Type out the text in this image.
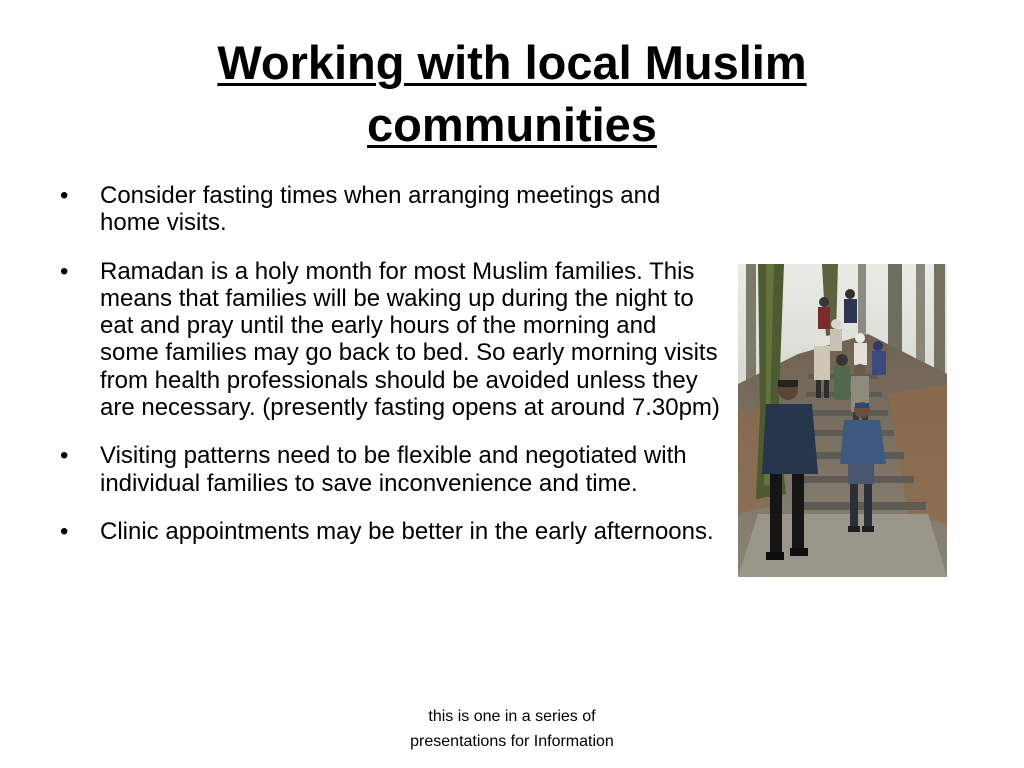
Working with local Muslim communities
• Consider fasting times when arranging meetings and home visits.
• Ramadan is a holy month for most Muslim families. This means that families will be waking up during the night to eat and pray until the early hours of the morning and some families may go back to bed. So early morning visits from health professionals should be avoided unless they are necessary. (presently fasting opens at around 7.30pm)
• Visiting patterns need to be flexible and negotiated with individual families to save inconvenience and time.
• Clinic appointments may be better in the early afternoons.
this is one in a series of
presentations for Information
